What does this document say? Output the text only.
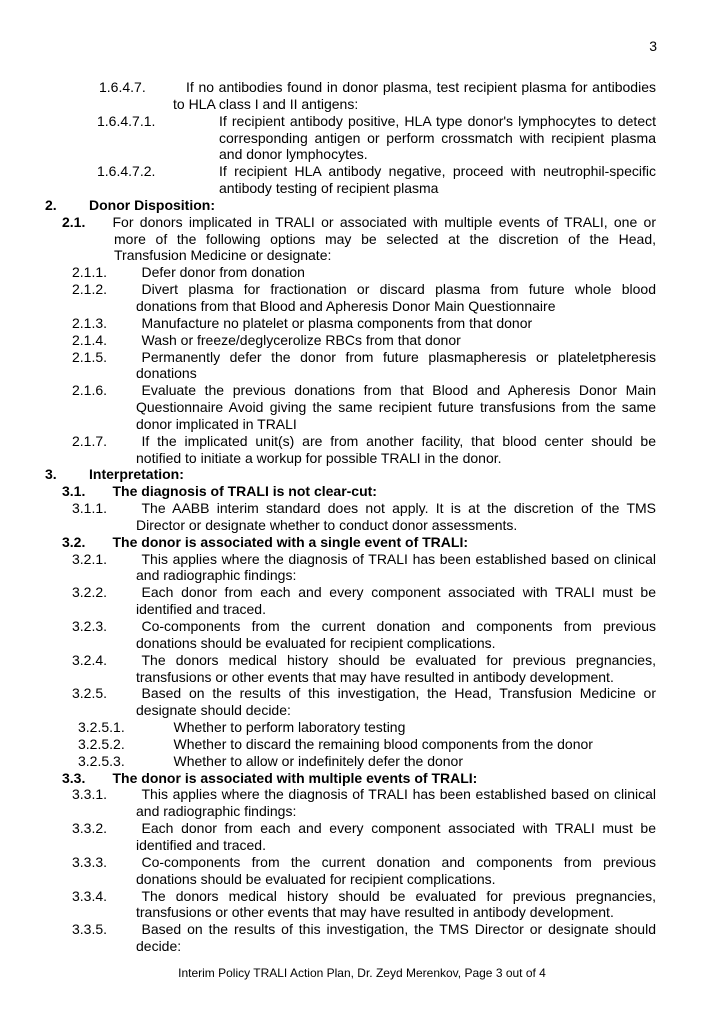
3
1.6.4.7.	If no antibodies found in donor plasma, test recipient plasma for antibodies to HLA class I and II antigens:
1.6.4.7.1.	If recipient antibody positive, HLA type donor's lymphocytes to detect corresponding antigen or perform crossmatch with recipient plasma and donor lymphocytes.
1.6.4.7.2.	If recipient HLA antibody negative, proceed with neutrophil-specific antibody testing of recipient plasma
2. Donor Disposition:
2.1. For donors implicated in TRALI or associated with multiple events of TRALI, one or more of the following options may be selected at the discretion of the Head, Transfusion Medicine or designate:
2.1.1. Defer donor from donation
2.1.2. Divert plasma for fractionation or discard plasma from future whole blood donations from that Blood and Apheresis Donor Main Questionnaire
2.1.3. Manufacture no platelet or plasma components from that donor
2.1.4. Wash or freeze/deglycerolize RBCs from that donor
2.1.5. Permanently defer the donor from future plasmapheresis or plateletpheresis donations
2.1.6. Evaluate the previous donations from that Blood and Apheresis Donor Main Questionnaire Avoid giving the same recipient future transfusions from the same donor implicated in TRALI
2.1.7. If the implicated unit(s) are from another facility, that blood center should be notified to initiate a workup for possible TRALI in the donor.
3. Interpretation:
3.1. The diagnosis of TRALI is not clear-cut:
3.1.1. The AABB interim standard does not apply. It is at the discretion of the TMS Director or designate whether to conduct donor assessments.
3.2. The donor is associated with a single event of TRALI:
3.2.1. This applies where the diagnosis of TRALI has been established based on clinical and radiographic findings:
3.2.2. Each donor from each and every component associated with TRALI must be identified and traced.
3.2.3. Co-components from the current donation and components from previous donations should be evaluated for recipient complications.
3.2.4. The donors medical history should be evaluated for previous pregnancies, transfusions or other events that may have resulted in antibody development.
3.2.5. Based on the results of this investigation, the Head, Transfusion Medicine or designate should decide:
3.2.5.1.	Whether to perform laboratory testing
3.2.5.2.	Whether to discard the remaining blood components from the donor
3.2.5.3.	Whether to allow or indefinitely defer the donor
3.3. The donor is associated with multiple events of TRALI:
3.3.1. This applies where the diagnosis of TRALI has been established based on clinical and radiographic findings:
3.3.2. Each donor from each and every component associated with TRALI must be identified and traced.
3.3.3. Co-components from the current donation and components from previous donations should be evaluated for recipient complications.
3.3.4. The donors medical history should be evaluated for previous pregnancies, transfusions or other events that may have resulted in antibody development.
3.3.5. Based on the results of this investigation, the TMS Director or designate should decide:
Interim Policy TRALI Action Plan, Dr. Zeyd Merenkov, Page 3 out of 4
